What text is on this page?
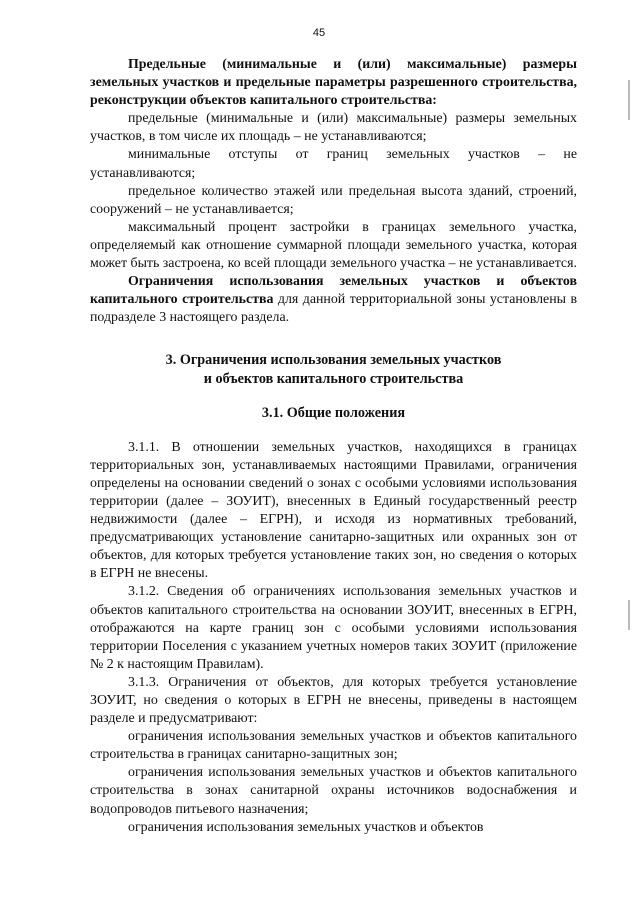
45

Предельные (минимальные и (или) максимальные) размеры земельных участков и предельные параметры разрешенного строительства, реконструкции объектов капитального строительства:

предельные (минимальные и (или) максимальные) размеры земельных участков, в том числе их площадь – не устанавливаются;

минимальные отступы от границ земельных участков – не устанавливаются;

предельное количество этажей или предельная высота зданий, строений, сооружений – не устанавливается;

максимальный процент застройки в границах земельного участка, определяемый как отношение суммарной площади земельного участка, которая может быть застроена, ко всей площади земельного участка – не устанавливается.

Ограничения использования земельных участков и объектов капитального строительства для данной территориальной зоны установлены в подразделе 3 настоящего раздела.

3. Ограничения использования земельных участков
и объектов капитального строительства

3.1. Общие положения

3.1.1. В отношении земельных участков, находящихся в границах территориальных зон, устанавливаемых настоящими Правилами, ограничения определены на основании сведений о зонах с особыми условиями использования территории (далее – ЗОУИТ), внесенных в Единый государственный реестр недвижимости (далее – ЕГРН), и исходя из нормативных требований, предусматривающих установление санитарно-защитных или охранных зон от объектов, для которых требуется установление таких зон, но сведения о которых в ЕГРН не внесены.

3.1.2. Сведения об ограничениях использования земельных участков и объектов капитального строительства на основании ЗОУИТ, внесенных в ЕГРН, отображаются на карте границ зон с особыми условиями использования территории Поселения с указанием учетных номеров таких ЗОУИТ (приложение № 2 к настоящим Правилам).

3.1.3. Ограничения от объектов, для которых требуется установление ЗОУИТ, но сведения о которых в ЕГРН не внесены, приведены в настоящем разделе и предусматривают:

ограничения использования земельных участков и объектов капитального строительства в границах санитарно-защитных зон;

ограничения использования земельных участков и объектов капитального строительства в зонах санитарной охраны источников водоснабжения и водопроводов питьевого назначения;

ограничения использования земельных участков и объектов
